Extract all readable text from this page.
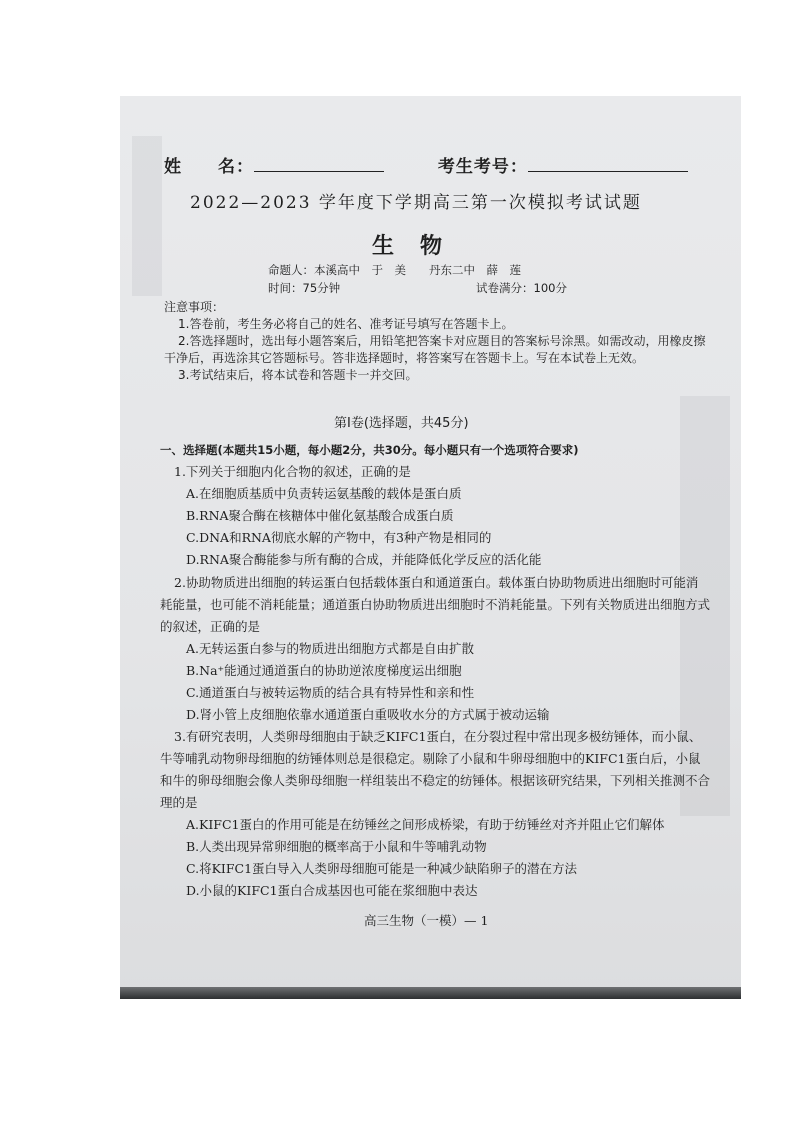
姓　　名：	考生考号：
2022—2023 学年度下学期高三第一次模拟考试试题
生物
命题人：本溪高中　于　美　　丹东二中　薛　莲
时间：75分钟	试卷满分：100分

注意事项：

1.答卷前，考生务必将自己的姓名、准考证号填写在答题卡上。

2.答选择题时，选出每小题答案后，用铅笔把答案卡对应题目的答案标号涂黑。如需改动，用橡皮擦干净后，再选涂其它答题标号。答非选择题时，将答案写在答题卡上。写在本试卷上无效。

3.考试结束后，将本试卷和答题卡一并交回。

第Ⅰ卷(选择题，共45分)
一、选择题(本题共15小题，每小题2分，共30分。每小题只有一个选项符合要求)

1.下列关于细胞内化合物的叙述，正确的是

A.在细胞质基质中负责转运氨基酸的载体是蛋白质

B.RNA聚合酶在核糖体中催化氨基酸合成蛋白质

C.DNA和RNA彻底水解的产物中，有3种产物是相同的

D.RNA聚合酶能参与所有酶的合成，并能降低化学反应的活化能

2.协助物质进出细胞的转运蛋白包括载体蛋白和通道蛋白。载体蛋白协助物质进出细胞时可能消耗能量，也可能不消耗能量；通道蛋白协助物质进出细胞时不消耗能量。下列有关物质进出细胞方式的叙述，正确的是

A.无转运蛋白参与的物质进出细胞方式都是自由扩散

B.Na⁺能通过通道蛋白的协助逆浓度梯度运出细胞

C.通道蛋白与被转运物质的结合具有特异性和亲和性

D.肾小管上皮细胞依靠水通道蛋白重吸收水分的方式属于被动运输

3.有研究表明，人类卵母细胞由于缺乏KIFC1蛋白，在分裂过程中常出现多极纺锤体，而小鼠、牛等哺乳动物卵母细胞的纺锤体则总是很稳定。剔除了小鼠和牛卵母细胞中的KIFC1蛋白后，小鼠和牛的卵母细胞会像人类卵母细胞一样组装出不稳定的纺锤体。根据该研究结果，下列相关推测不合理的是

A.KIFC1蛋白的作用可能是在纺锤丝之间形成桥梁，有助于纺锤丝对齐并阻止它们解体

B.人类出现异常卵细胞的概率高于小鼠和牛等哺乳动物

C.将KIFC1蛋白导入人类卵母细胞可能是一种减少缺陷卵子的潜在方法

D.小鼠的KIFC1蛋白合成基因也可能在浆细胞中表达

高三生物（一模）— 1
